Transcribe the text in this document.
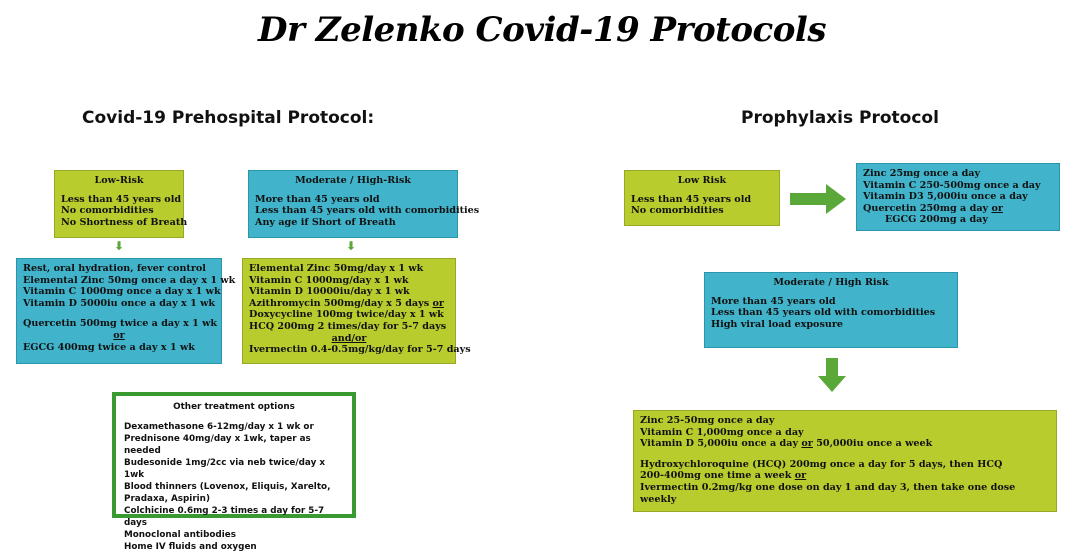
Dr Zelenko Covid-19 Protocols
Covid-19 Prehospital Protocol:
Low-Risk
Less than 45 years old
No comorbidities
No Shortness of Breath
Moderate / High-Risk
More than 45 years old
Less than 45 years old with comorbidities
Any age if Short of Breath
⬇	⬇
Rest, oral hydration, fever control
Elemental Zinc 50mg once a day x 1 wk
Vitamin C 1000mg once a day x 1 wk
Vitamin D 5000iu once a day x 1 wk
Quercetin 500mg twice a day x 1 wk
or
EGCG 400mg twice a day x 1 wk
Elemental Zinc 50mg/day x 1 wk
Vitamin C 1000mg/day x 1 wk
Vitamin D 10000iu/day x 1 wk
Azithromycin 500mg/day x 5 days or
Doxycycline 100mg twice/day x 1 wk
HCQ 200mg 2 times/day for 5-7 days
and/or
Ivermectin 0.4-0.5mg/kg/day for 5-7 days
Other treatment options
Dexamethasone 6-12mg/day x 1 wk or
Prednisone 40mg/day x 1wk, taper as needed
Budesonide 1mg/2cc via neb twice/day x 1wk
Blood thinners (Lovenox, Eliquis, Xarelto,
Pradaxa, Aspirin)
Colchicine 0.6mg 2-3 times a day for 5-7 days
Monoclonal antibodies
Home IV fluids and oxygen
Prophylaxis Protocol
Low Risk
Less than 45 years old
No comorbidities
Zinc 25mg once a day
Vitamin C 250-500mg once a day
Vitamin D3 5,000iu once a day
Quercetin 250mg a day or
EGCG 200mg a day
Moderate / High Risk
More than 45 years old
Less than 45 years old with comorbidities
High viral load exposure
Zinc 25-50mg once a day
Vitamin C 1,000mg once a day
Vitamin D 5,000iu once a day or 50,000iu once a week
Hydroxychloroquine (HCQ) 200mg once a day for 5 days, then HCQ
200-400mg one time a week or
Ivermectin 0.2mg/kg one dose on day 1 and day 3, then take one dose
weekly
